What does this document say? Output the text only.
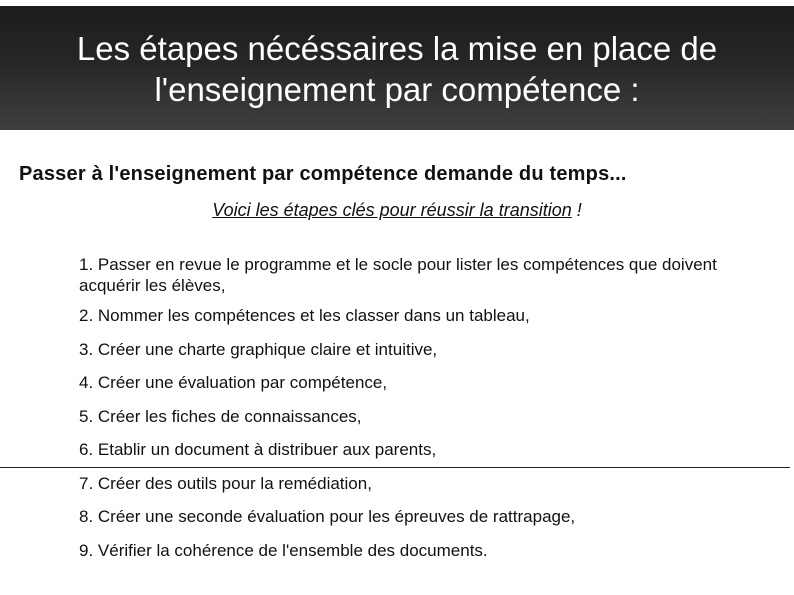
Les étapes nécéssaires la mise en place de
l'enseignement par compétence :
Passer à l'enseignement par compétence demande du temps...
Voici les étapes clés pour réussir la transition !
1. Passer en revue le programme et le socle pour lister les compétences que doivent acquérir les élèves,
2. Nommer les compétences et les classer dans un tableau,
3. Créer une charte graphique claire et intuitive,
4. Créer une évaluation par compétence,
5. Créer les fiches de connaissances,
6. Etablir un document à distribuer aux parents,
7. Créer des outils pour la remédiation,
8. Créer une seconde évaluation pour les épreuves de rattrapage,
9. Vérifier la cohérence de l'ensemble des documents.
